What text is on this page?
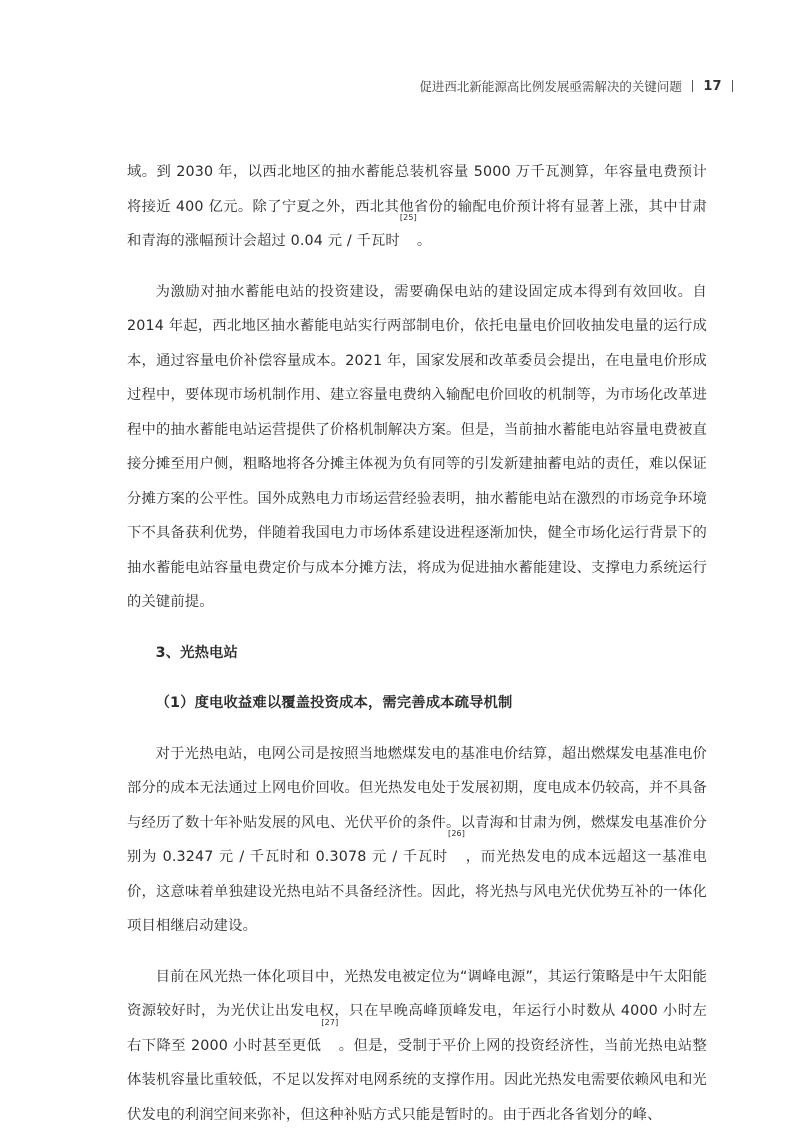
促进西北新能源高比例发展亟需解决的关键问题 17

域。到 2030 年，以西北地区的抽水蓄能总装机容量 5000 万千瓦测算，年容量电费预计将接近 400 亿元。除了宁夏之外，西北其他省份的输配电价预计将有显著上涨，其中甘肃和青海的涨幅预计会超过 0.04 元 / 千瓦时[25]。

为激励对抽水蓄能电站的投资建设，需要确保电站的建设固定成本得到有效回收。自 2014 年起，西北地区抽水蓄能电站实行两部制电价，依托电量电价回收抽发电量的运行成本，通过容量电价补偿容量成本。2021 年，国家发展和改革委员会提出，在电量电价形成过程中，要体现市场机制作用、建立容量电费纳入输配电价回收的机制等，为市场化改革进程中的抽水蓄能电站运营提供了价格机制解决方案。但是，当前抽水蓄能电站容量电费被直接分摊至用户侧，粗略地将各分摊主体视为负有同等的引发新建抽蓄电站的责任，难以保证分摊方案的公平性。国外成熟电力市场运营经验表明，抽水蓄能电站在激烈的市场竞争环境下不具备获利优势，伴随着我国电力市场体系建设进程逐渐加快，健全市场化运行背景下的抽水蓄能电站容量电费定价与成本分摊方法，将成为促进抽水蓄能建设、支撑电力系统运行的关键前提。

3、光热电站
（1）度电收益难以覆盖投资成本，需完善成本疏导机制

对于光热电站，电网公司是按照当地燃煤发电的基准电价结算，超出燃煤发电基准电价部分的成本无法通过上网电价回收。但光热发电处于发展初期，度电成本仍较高，并不具备与经历了数十年补贴发展的风电、光伏平价的条件。以青海和甘肃为例，燃煤发电基准价分别为 0.3247 元 / 千瓦时和 0.3078 元 / 千瓦时[26]，而光热发电的成本远超这一基准电价，这意味着单独建设光热电站不具备经济性。因此，将光热与风电光伏优势互补的一体化项目相继启动建设。

目前在风光热一体化项目中，光热发电被定位为“调峰电源”，其运行策略是中午太阳能资源较好时，为光伏让出发电权，只在早晚高峰顶峰发电，年运行小时数从 4000 小时左右下降至 2000 小时甚至更低[27]。但是，受制于平价上网的投资经济性，当前光热电站整体装机容量比重较低，不足以发挥对电网系统的支撑作用。因此光热发电需要依赖风电和光伏发电的利润空间来弥补，但这种补贴方式只能是暂时的。由于西北各省划分的峰、
